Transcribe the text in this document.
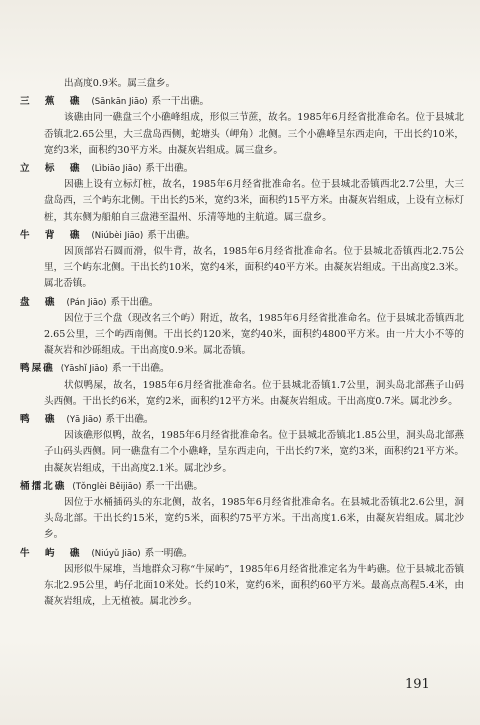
出高度0.9米。属三盘乡。

三 蕉 礁 (Sānkān Jiāo) 系一干出礁。

该礁由同一礁盘三个小礁峰组成，形似三节蔗，故名。1985年6月经省批准命名。位于县城北岙镇北2.65公里，大三盘岛西侧，蛇塘头（岬角）北侧。三个小礁峰呈东西走向，干出长约10米，宽约3米，面积约30平方米。由凝灰岩组成。属三盘乡。

立 标 礁 (Lìbiāo Jiāo) 系干出礁。

因礁上设有立标灯桩，故名，1985年6月经省批准命名。位于县城北岙镇西北2.7公里，大三盘岛西，三个屿东北侧。干出长约5米，宽约3米，面积约15平方米。由凝灰岩组成，上设有立标灯桩，其东侧为船舶自三盘港至温州、乐清等地的主航道。属三盘乡。

牛 背 礁 (Niúbèi Jiāo) 系干出礁。

因顶部岩石圆而滑，似牛背，故名，1985年6月经省批准命名。位于县城北岙镇西北2.75公里，三个屿东北侧。干出长约10米，宽约4米，面积约40平方米。由凝灰岩组成。干出高度2.3米。属北岙镇。

盘 礁 (Pán Jiāo) 系干出礁。

因位于三个盘（现改名三个屿）附近，故名，1985年6月经省批准命名。位于县城北岙镇西北2.65公里，三个屿西南侧。干出长约120米，宽约40米，面积约4800平方米。由一片大小不等的凝灰岩和沙砾组成。干出高度0.9米。属北岙镇。

鸭屎礁 (Yāshǐ Jiāo) 系一干出礁。

状似鸭屎，故名，1985年6月经省批准命名。位于县城北岙镇1.7公里，洞头岛北部燕子山码头西侧。干出长约6米，宽约2米，面积约12平方米。由凝灰岩组成。干出高度0.7米。属北沙乡。

鸭 礁 (Yā Jiāo) 系干出礁。

因该礁形似鸭，故名，1985年6月经省批准命名。位于县城北岙镇北1.85公里，洞头岛北部燕子山码头西侧。同一礁盘有二个小礁峰，呈东西走向，干出长约7米，宽约3米，面积约21平方米。由凝灰岩组成，干出高度2.1米。属北沙乡。

桶擂北礁 (Tǒnglèi Běijiāo) 系一干出礁。

因位于水桶插码头的东北侧，故名，1985年6月经省批准命名。在县城北岙镇北2.6公里，洞头岛北部。干出长约15米，宽约5米，面积约75平方米。干出高度1.6米，由凝灰岩组成。属北沙乡。

牛 屿 礁 (Niúyǔ Jiāo) 系一明礁。

因形似牛屎堆，当地群众习称“牛屎屿”，1985年6月经省批准定名为牛屿礁。位于县城北岙镇东北2.95公里，屿仔北面10米处。长约10米，宽约6米，面积约60平方米。最高点高程5.4米，由凝灰岩组成，上无植被。属北沙乡。

191
